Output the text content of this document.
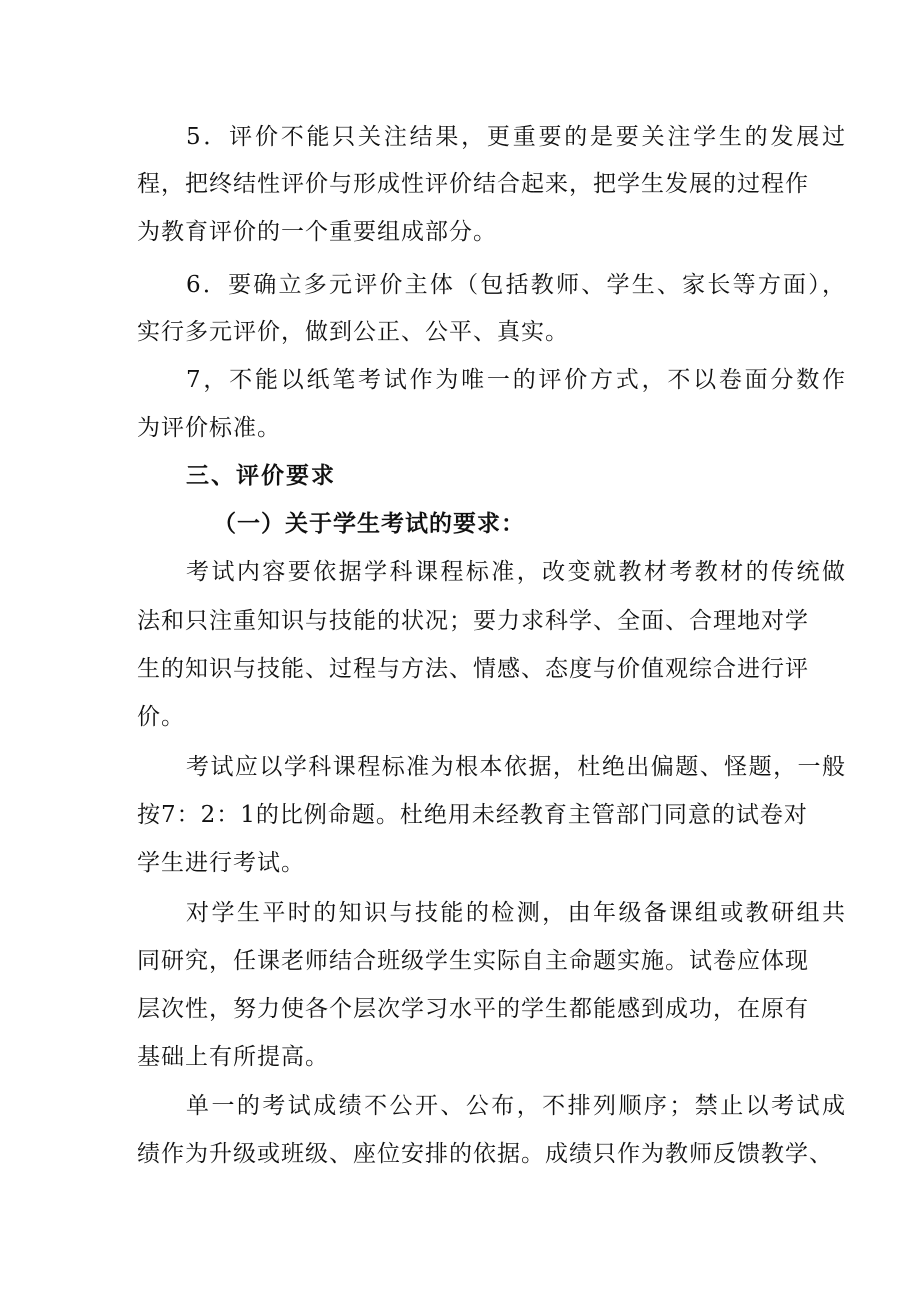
5．评价不能只关注结果，更重要的是要关注学生的发展过
程，把终结性评价与形成性评价结合起来，把学生发展的过程作
为教育评价的一个重要组成部分。
6．要确立多元评价主体（包括教师、学生、家长等方面），
实行多元评价，做到公正、公平、真实。
7，不能以纸笔考试作为唯一的评价方式，不以卷面分数作
为评价标准。
三、评价要求
（一）关于学生考试的要求：
考试内容要依据学科课程标准，改变就教材考教材的传统做
法和只注重知识与技能的状况；要力求科学、全面、合理地对学
生的知识与技能、过程与方法、情感、态度与价值观综合进行评
价。
考试应以学科课程标准为根本依据，杜绝出偏题、怪题，一般
按7：2：1的比例命题。杜绝用未经教育主管部门同意的试卷对
学生进行考试。
对学生平时的知识与技能的检测，由年级备课组或教研组共
同研究，任课老师结合班级学生实际自主命题实施。试卷应体现
层次性，努力使各个层次学习水平的学生都能感到成功，在原有
基础上有所提高。
单一的考试成绩不公开、公布，不排列顺序；禁止以考试成
绩作为升级或班级、座位安排的依据。成绩只作为教师反馈教学、
